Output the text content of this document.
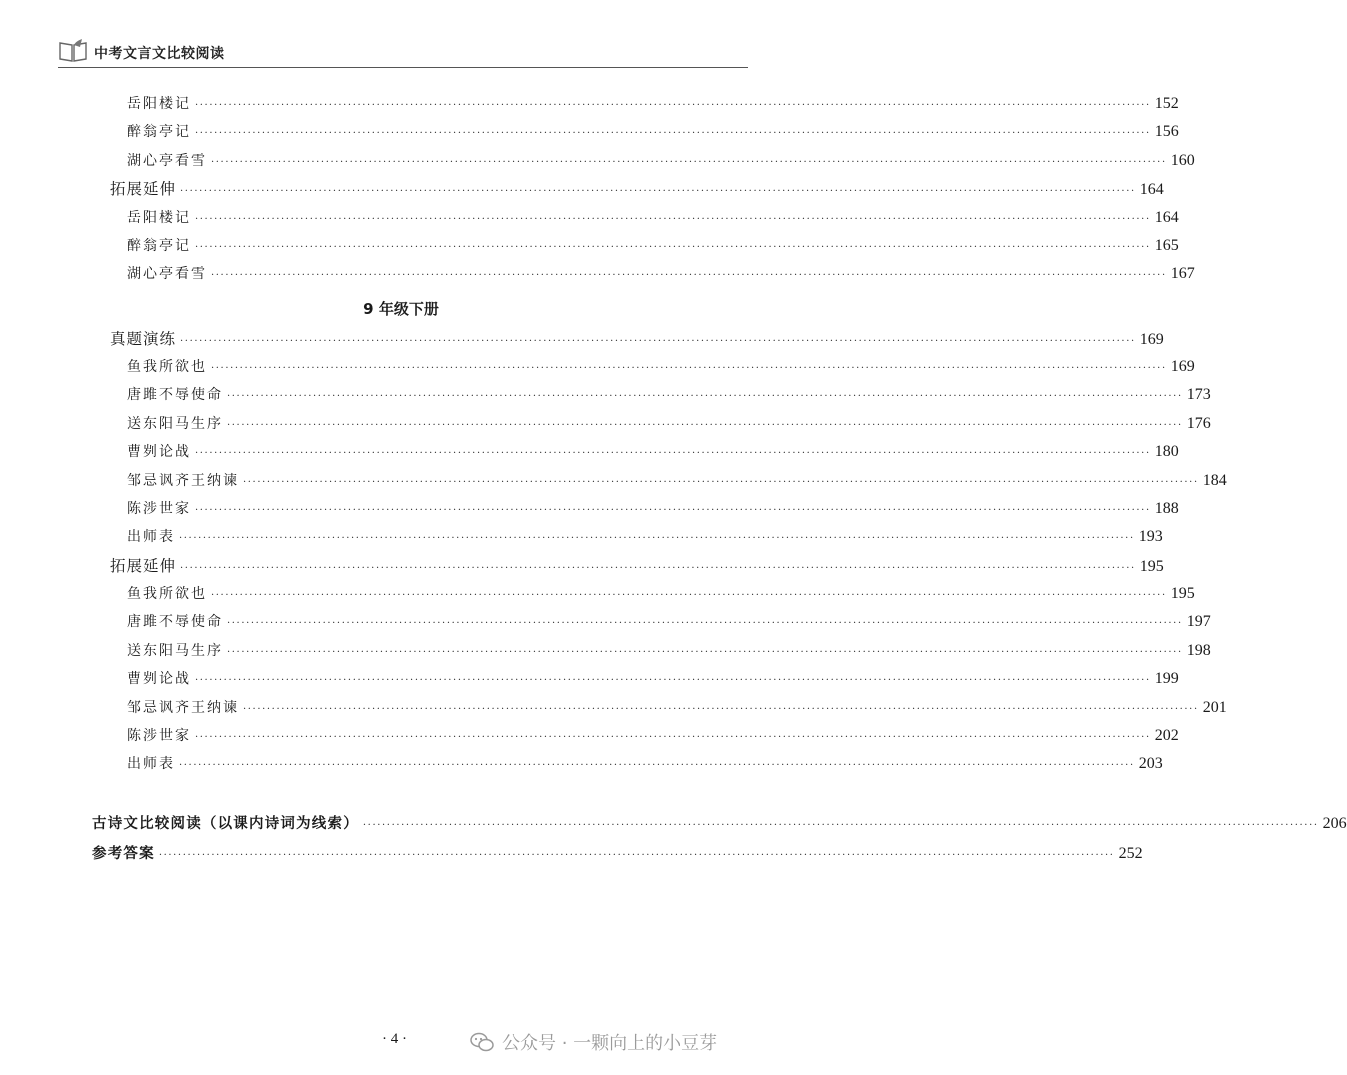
中考文言文比较阅读
岳阳楼记 ········································································································································································································ 152
醉翁亭记 ········································································································································································································ 156
湖心亭看雪 ········································································································································································································ 160
拓展延伸 ········································································································································································································ 164
岳阳楼记 ········································································································································································································ 164
醉翁亭记 ········································································································································································································ 165
湖心亭看雪 ········································································································································································································ 167
真题演练 ········································································································································································································ 169
鱼我所欲也 ········································································································································································································ 169
唐雎不辱使命 ········································································································································································································ 173
送东阳马生序 ········································································································································································································ 176
曹刿论战 ········································································································································································································ 180
邹忌讽齐王纳谏 ········································································································································································································ 184
陈涉世家 ········································································································································································································ 188
出师表 ········································································································································································································ 193
拓展延伸 ········································································································································································································ 195
鱼我所欲也 ········································································································································································································ 195
唐雎不辱使命 ········································································································································································································ 197
送东阳马生序 ········································································································································································································ 198
曹刿论战 ········································································································································································································ 199
邹忌讽齐王纳谏 ········································································································································································································ 201
陈涉世家 ········································································································································································································ 202
出师表 ········································································································································································································ 203
古诗文比较阅读（以课内诗词为线索） ········································································································································································································ 206
参考答案 ········································································································································································································ 252
9 年级下册
· 4 ·	公众号 · 一颗向上的小豆芽
